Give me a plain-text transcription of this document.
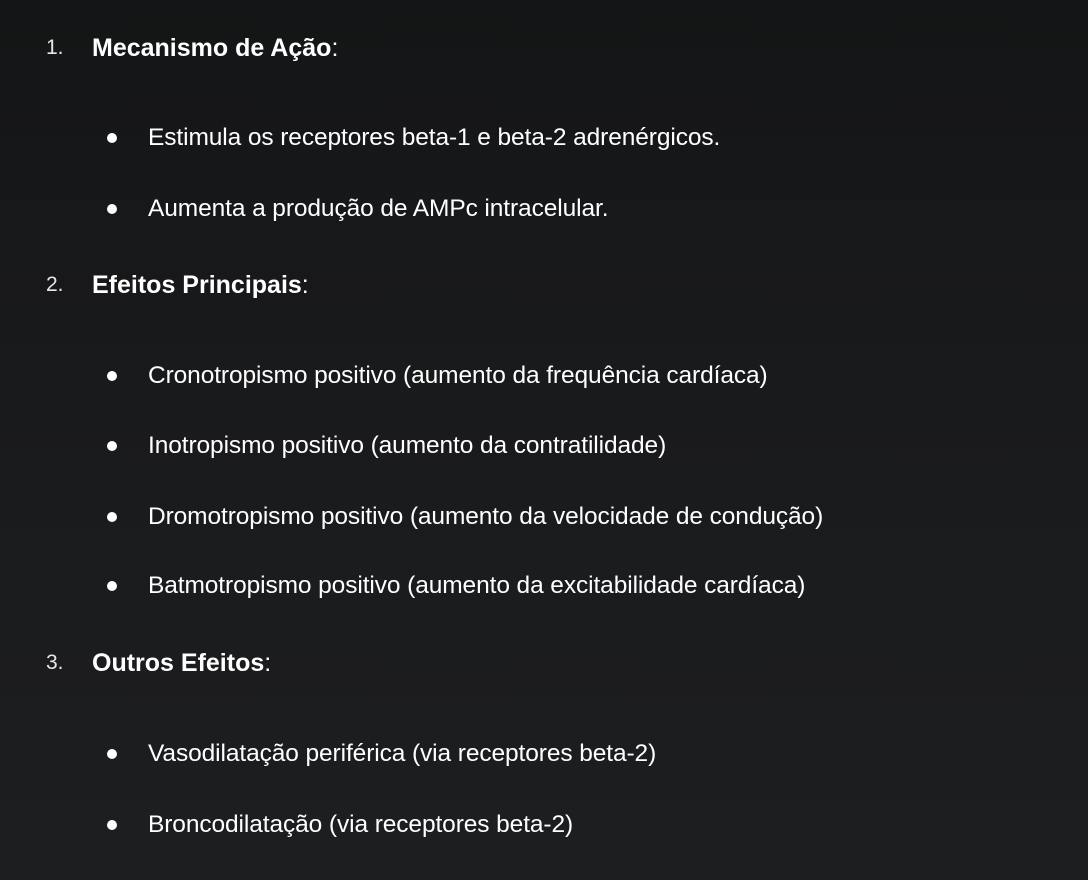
1.	Mecanismo de Ação:
Estimula os receptores beta-1 e beta-2 adrenérgicos.
Aumenta a produção de AMPc intracelular.
2.	Efeitos Principais:
Cronotropismo positivo (aumento da frequência cardíaca)
Inotropismo positivo (aumento da contratilidade)
Dromotropismo positivo (aumento da velocidade de condução)
Batmotropismo positivo (aumento da excitabilidade cardíaca)
3.	Outros Efeitos:
Vasodilatação periférica (via receptores beta-2)
Broncodilatação (via receptores beta-2)
